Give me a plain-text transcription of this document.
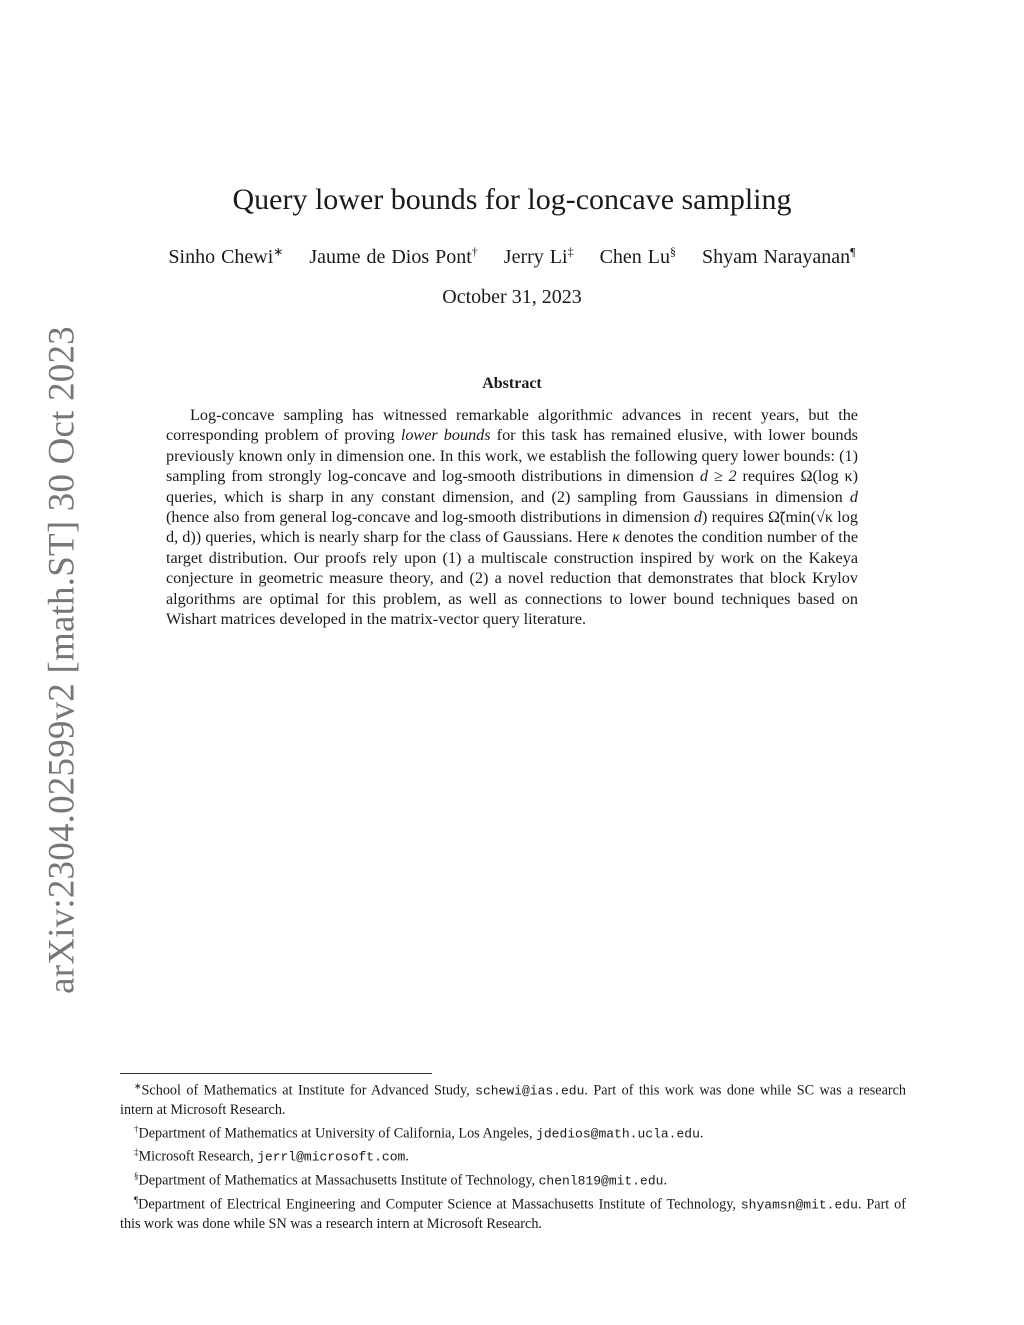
arXiv:2304.02599v2 [math.ST] 30 Oct 2023
Query lower bounds for log-concave sampling
Sinho Chewi∗ Jaume de Dios Pont† Jerry Li‡ Chen Lu§ Shyam Narayanan¶
October 31, 2023
Abstract

Log-concave sampling has witnessed remarkable algorithmic advances in recent years, but the corresponding problem of proving lower bounds for this task has remained elusive, with lower bounds previously known only in dimension one. In this work, we establish the following query lower bounds: (1) sampling from strongly log-concave and log-smooth distributions in dimension d ≥ 2 requires Ω(log κ) queries, which is sharp in any constant dimension, and (2) sampling from Gaussians in dimension d (hence also from general log-concave and log-smooth distributions in dimension d) requires Ω̃(min(√κ log d, d)) queries, which is nearly sharp for the class of Gaussians. Here κ denotes the condition number of the target distribution. Our proofs rely upon (1) a multiscale construction inspired by work on the Kakeya conjecture in geometric measure theory, and (2) a novel reduction that demonstrates that block Krylov algorithms are optimal for this problem, as well as connections to lower bound techniques based on Wishart matrices developed in the matrix-vector query literature.

∗School of Mathematics at Institute for Advanced Study, schewi@ias.edu. Part of this work was done while SC was a research intern at Microsoft Research.
†Department of Mathematics at University of California, Los Angeles, jdedios@math.ucla.edu.
‡Microsoft Research, jerrl@microsoft.com.
§Department of Mathematics at Massachusetts Institute of Technology, chenl819@mit.edu.
¶Department of Electrical Engineering and Computer Science at Massachusetts Institute of Technology, shyamsn@mit.edu. Part of this work was done while SN was a research intern at Microsoft Research.
